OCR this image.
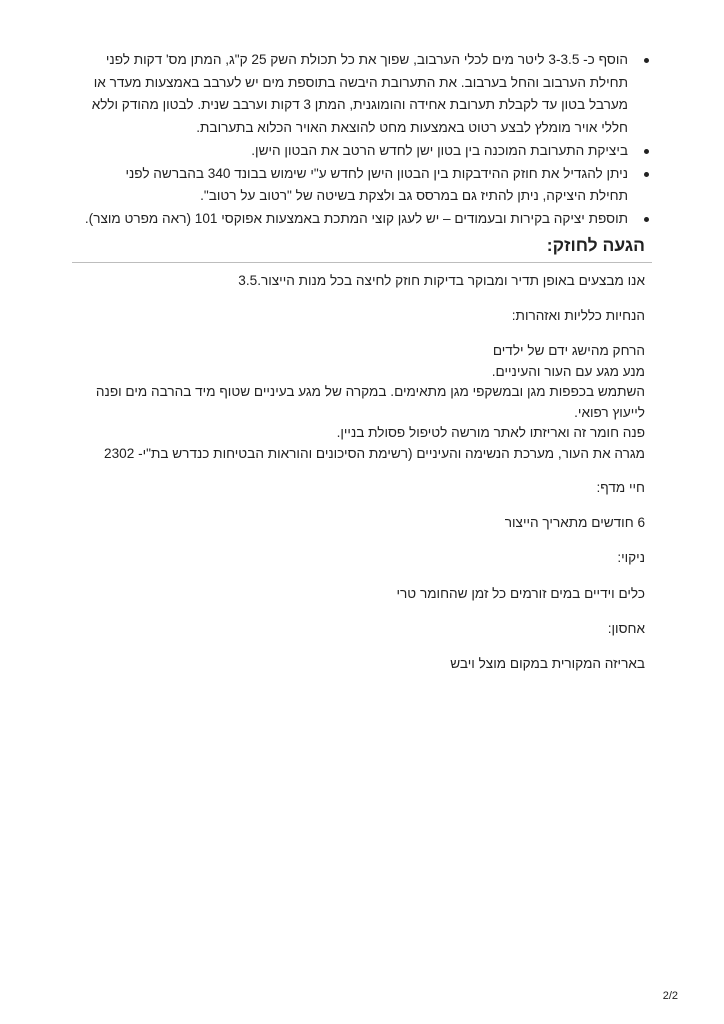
הוסף כ- 3-3.5 ליטר מים לכלי הערבוב, שפוך את כל תכולת השק 25 ק"ג, המתן מס' דקות לפני
תחילת הערבוב והחל בערבוב. את התערובת היבשה בתוספת מים יש לערבב באמצעות מעדר או
מערבל בטון עד לקבלת תערובת אחידה והומוגנית, המתן 3 דקות וערבב שנית. לבטון מהודק וללא
חללי אויר מומלץ לבצע רטוט באמצעות מחט להוצאת האויר הכלוא בתערובת.
ביציקת התערובת המוכנה בין בטון ישן לחדש הרטב את הבטון הישן.
ניתן להגדיל את חוזק ההידבקות בין הבטון הישן לחדש ע"י שימוש בבונד 340 בהברשה לפני
תחילת היציקה, ניתן להתיז גם במרסס גב ולצקת בשיטה של "רטוב על רטוב".
תוספת יציקה בקירות ובעמודים – יש לעגן קוצי המתכת באמצעות אפוקסי 101 (ראה מפרט מוצר).
הגעה לחוזק:

אנו מבצעים באופן תדיר ומבוקר בדיקות חוזק לחיצה בכל מנות הייצור.3.5

הנחיות כלליות ואזהרות:

הרחק מהישג ידם של ילדים
מנע מגע עם העור והעיניים.
השתמש בכפפות מגן ובמשקפי מגן מתאימים. במקרה של מגע בעיניים שטוף מיד בהרבה מים ופנה
לייעוץ רפואי.
פנה חומר זה ואריזתו לאתר מורשה לטיפול פסולת בניין.
מגרה את העור, מערכת הנשימה והעיניים (רשימת הסיכונים והוראות הבטיחות כנדרש בת"י- 2302

חיי מדף:

6 חודשים מתאריך הייצור

ניקוי:

כלים וידיים במים זורמים כל זמן שהחומר טרי

אחסון:

באריזה המקורית במקום מוצל ויבש

2/2
